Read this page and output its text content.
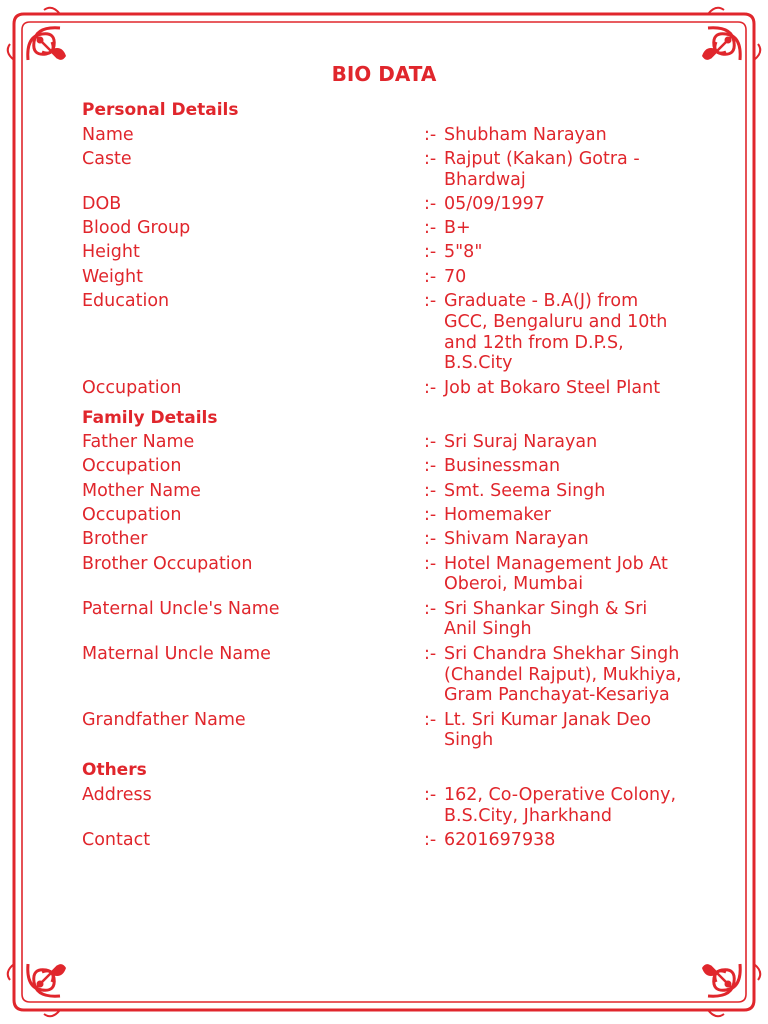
BIO DATA
Personal Details
Name	:- Shubham Narayan
Caste	:- Rajput (Kakan) Gotra - Bhardwaj
DOB	:- 05/09/1997
Blood Group	:- B+
Height	:- 5"8"
Weight	:- 70
Education	:- Graduate - B.A(J) from GCC, Bengaluru and 10th and 12th from D.P.S, B.S.City
Occupation	:- Job at Bokaro Steel Plant
Family Details
Father Name	:- Sri Suraj Narayan
Occupation	:- Businessman
Mother Name	:- Smt. Seema Singh
Occupation	:- Homemaker
Brother	:- Shivam Narayan
Brother Occupation	:- Hotel Management Job At Oberoi, Mumbai
Paternal Uncle's Name	:- Sri Shankar Singh & Sri Anil Singh
Maternal Uncle Name	:- Sri Chandra Shekhar Singh (Chandel Rajput), Mukhiya, Gram Panchayat-Kesariya
Grandfather Name	:- Lt. Sri Kumar Janak Deo Singh
Others
Address	:- 162, Co-Operative Colony, B.S.City, Jharkhand
Contact	:- 6201697938
